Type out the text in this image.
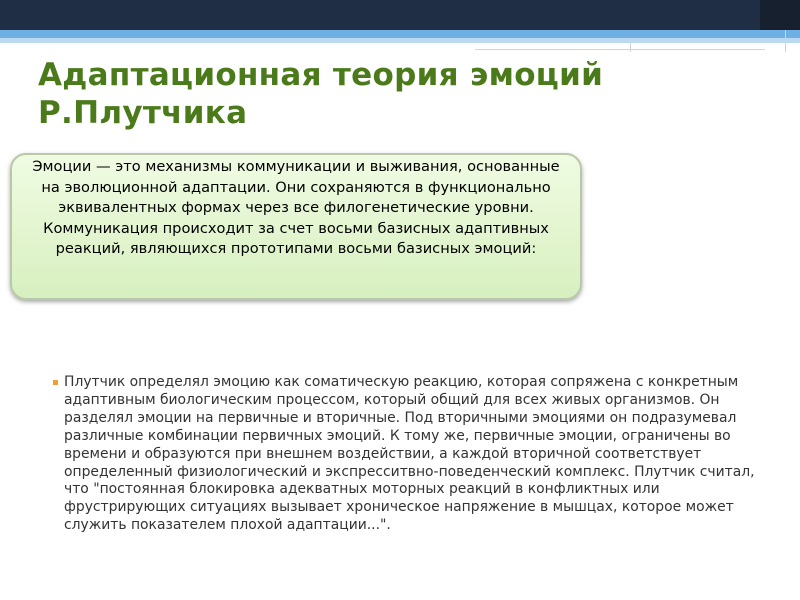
Адаптационная теория эмоций Р.Плутчика

Эмоции — это механизмы коммуникации и выживания, основанные на эволюционной адаптации. Они сохраняются в функционально эквивалентных формах через все филогенетические уровни. Коммуникация происходит за счет восьми базисных адаптивных реакций, являющихся прототипами восьми базисных эмоций:

Плутчик определял эмоцию как соматическую реакцию, которая сопряжена с конкретным адаптивным биологическим процессом, который общий для всех живых организмов. Он разделял эмоции на первичные и вторичные. Под вторичными эмоциями он подразумевал различные комбинации первичных эмоций. К тому же, первичные эмоции, ограничены во времени и образуются при внешнем воздействии, а каждой вторичной соответствует определенный физиологический и экспресситвно-поведенческий комплекс. Плутчик считал, что "постоянная блокировка адекватных моторных реакций в конфликтных или фрустрирующих ситуациях вызывает хроническое напряжение в мышцах, которое может служить показателем плохой адаптации...".
